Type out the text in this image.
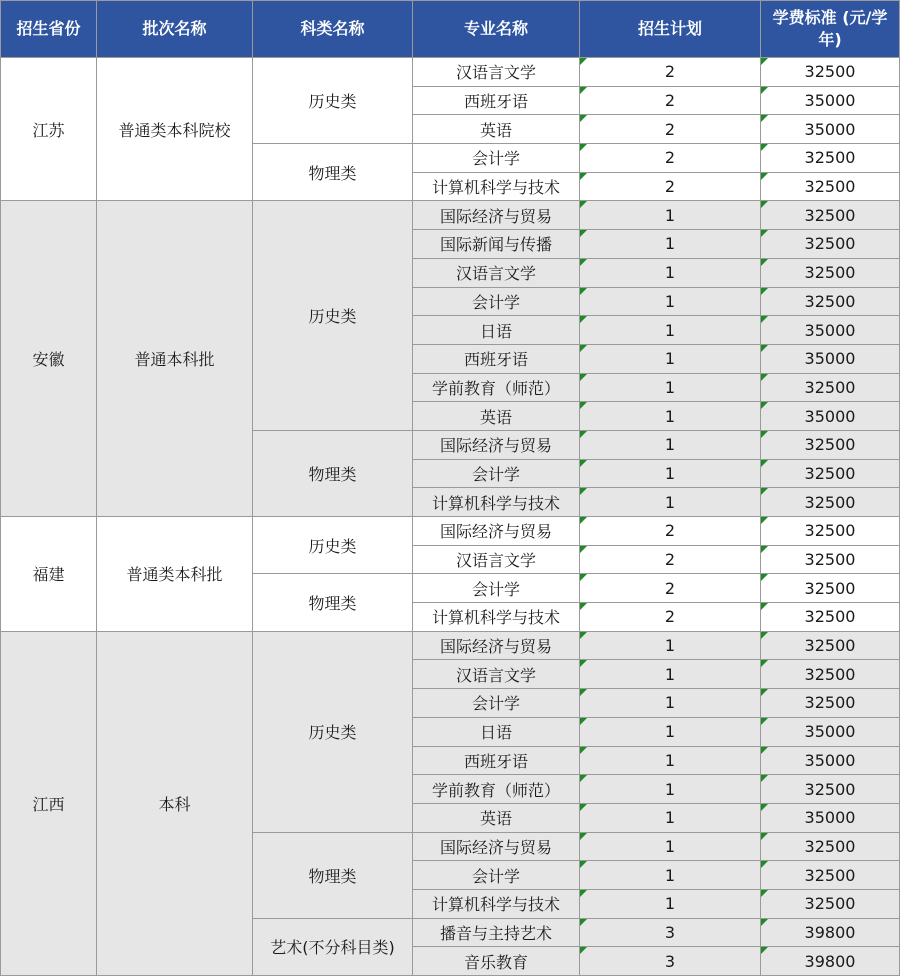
招生省份	批次名称	科类名称	专业名称	招生计划	学费标准 (元/学年)
江苏	普通类本科院校	历史类	汉语言文学	2	32500
			西班牙语	2	35000
			英语	2	35000
		物理类	会计学	2	32500
			计算机科学与技术	2	32500
安徽	普通本科批	历史类	国际经济与贸易	1	32500
			国际新闻与传播	1	32500
			汉语言文学	1	32500
			会计学	1	32500
			日语	1	35000
			西班牙语	1	35000
			学前教育（师范）	1	32500
			英语	1	35000
		物理类	国际经济与贸易	1	32500
			会计学	1	32500
			计算机科学与技术	1	32500
福建	普通类本科批	历史类	国际经济与贸易	2	32500
			汉语言文学	2	32500
		物理类	会计学	2	32500
			计算机科学与技术	2	32500
江西	本科	历史类	国际经济与贸易	1	32500
			汉语言文学	1	32500
			会计学	1	32500
			日语	1	35000
			西班牙语	1	35000
			学前教育（师范）	1	32500
			英语	1	35000
		物理类	国际经济与贸易	1	32500
			会计学	1	32500
			计算机科学与技术	1	32500
		艺术(不分科目类)	播音与主持艺术	3	39800
			音乐教育	3	39800
